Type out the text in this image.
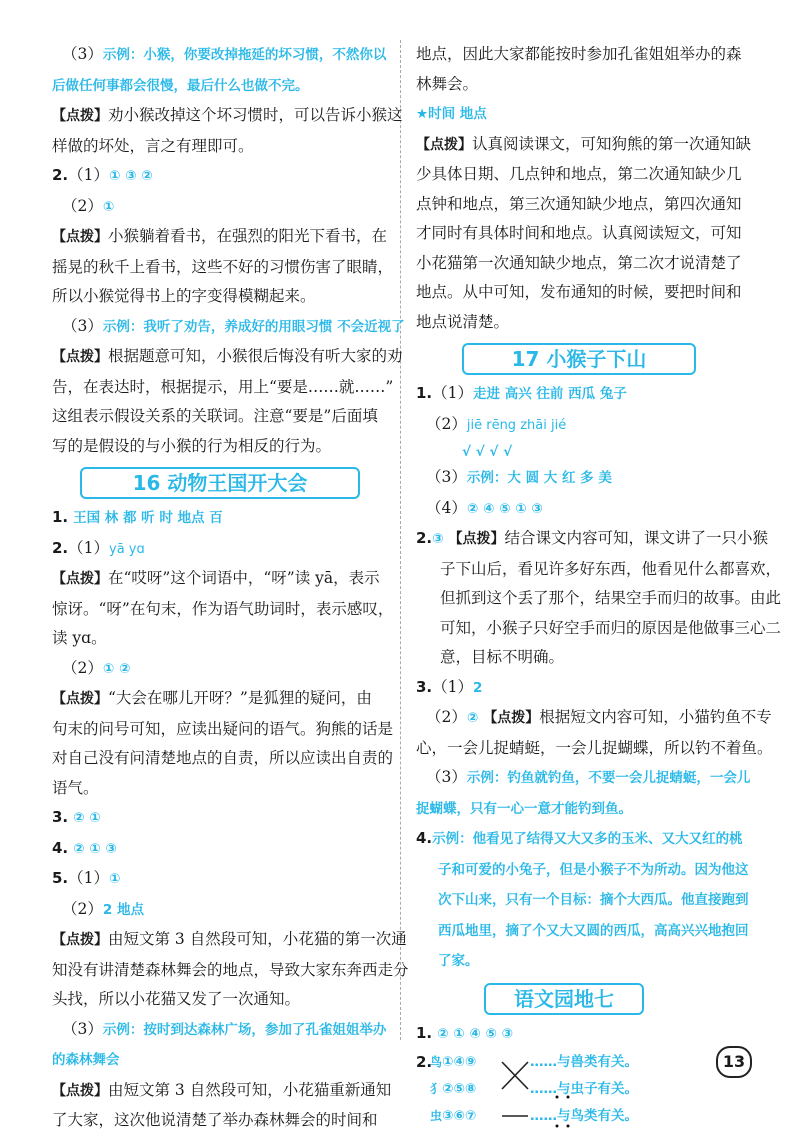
（3）示例：小猴，你要改掉拖延的坏习惯，不然你以
后做任何事都会很慢，最后什么也做不完。
【点拨】劝小猴改掉这个坏习惯时，可以告诉小猴这
样做的坏处，言之有理即可。
2.（1）① ③ ②
（2）①
【点拨】小猴躺着看书，在强烈的阳光下看书，在
摇晃的秋千上看书，这些不好的习惯伤害了眼睛，
所以小猴觉得书上的字变得模糊起来。
（3）示例：我听了劝告，养成好的用眼习惯 不会近视了
【点拨】根据题意可知，小猴很后悔没有听大家的劝
告，在表达时，根据提示，用上“要是……就……”
这组表示假设关系的关联词。注意“要是”后面填
写的是假设的与小猴的行为相反的行为。
16 动物王国开大会
1. 王国 林 都 听 时 地点 百
2.（1）yā yɑ
【点拨】在“哎呀”这个词语中，“呀”读 yā，表示
惊讶。“呀”在句末，作为语气助词时，表示感叹，
读 yɑ。
（2）① ②
【点拨】“大会在哪儿开呀？”是狐狸的疑问，由
句末的问号可知，应读出疑问的语气。狗熊的话是
对自己没有问清楚地点的自责，所以应读出自责的
语气。
3. ② ①
4. ② ① ③
5.（1）①
（2）2 地点
【点拨】由短文第 3 自然段可知，小花猫的第一次通
知没有讲清楚森林舞会的地点，导致大家东奔西走分
头找，所以小花猫又发了一次通知。
（3）示例：按时到达森林广场，参加了孔雀姐姐举办
的森林舞会
【点拨】由短文第 3 自然段可知，小花猫重新通知
了大家，这次他说清楚了举办森林舞会的时间和
地点，因此大家都能按时参加孔雀姐姐举办的森
林舞会。
★时间 地点
【点拨】认真阅读课文，可知狗熊的第一次通知缺
少具体日期、几点钟和地点，第二次通知缺少几
点钟和地点，第三次通知缺少地点，第四次通知
才同时有具体时间和地点。认真阅读短文，可知
小花猫第一次通知缺少地点，第二次才说清楚了
地点。从中可知，发布通知的时候，要把时间和
地点说清楚。
17 小猴子下山
1.（1）走进 高兴 往前 西瓜 兔子
（2）jiē rēng zhāi jié
√ √ √ √
（3）示例：大 圆 大 红 多 美
（4）② ④ ⑤ ① ③
2.③ 【点拨】结合课文内容可知，课文讲了一只小猴
子下山后，看见许多好东西，他看见什么都喜欢，
但抓到这个丢了那个，结果空手而归的故事。由此
可知，小猴子只好空手而归的原因是他做事三心二
意，目标不明确。
3.（1）2
（2）② 【点拨】根据短文内容可知，小猫钓鱼不专
心，一会儿捉蜻蜓，一会儿捉蝴蝶，所以钓不着鱼。
（3）示例：钓鱼就钓鱼，不要一会儿捉蜻蜓，一会儿
捉蝴蝶，只有一心一意才能钓到鱼。
4.示例：他看见了结得又大又多的玉米、又大又红的桃
子和可爱的小兔子，但是小猴子不为所动。因为他这
次下山来，只有一个目标：摘个大西瓜。他直接跑到
西瓜地里，摘了个又大又圆的西瓜，高高兴兴地抱回
了家。
语文园地七
1. ② ① ④ ⑤ ③
2.
鸟①④⑨	……与兽类有关。
犭②⑤⑧	……与虫子有关。
虫③⑥⑦	……与鸟类有关。
13
